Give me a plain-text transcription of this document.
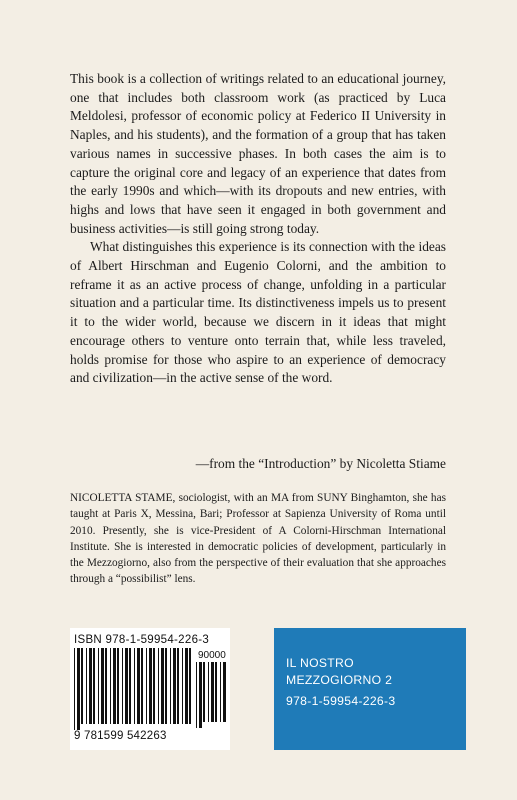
This book is a collection of writings related to an educational journey, one that includes both classroom work (as practiced by Luca Meldolesi, professor of economic policy at Federico II University in Naples, and his students), and the formation of a group that has taken various names in successive phases. In both cases the aim is to capture the original core and legacy of an experience that dates from the early 1990s and which—with its dropouts and new entries, with highs and lows that have seen it engaged in both government and business activities—is still going strong today.

What distinguishes this experience is its connection with the ideas of Albert Hirschman and Eugenio Colorni, and the ambition to reframe it as an active process of change, unfolding in a particular situation and a particular time. Its distinctiveness impels us to present it to the wider world, because we discern in it ideas that might encourage others to venture onto terrain that, while less traveled, holds promise for those who aspire to an experience of democracy and civilization—in the active sense of the word.

—from the “Introduction” by Nicoletta Stiame
NICOLETTA STAME, sociologist, with an MA from SUNY Binghamton, she has taught at Paris X, Messina, Bari; Professor at Sapienza University of Roma until 2010. Presently, she is vice-President of A Colorni-Hirschman International Institute. She is interested in democratic policies of development, particularly in the Mezzogiorno, also from the perspective of their evaluation that she approaches through a “possibilist” lens.
ISBN 978-1-59954-226-3
90000
9 781599 542263
IL NOSTRO
MEZZOGIORNO 2
978-1-59954-226-3
